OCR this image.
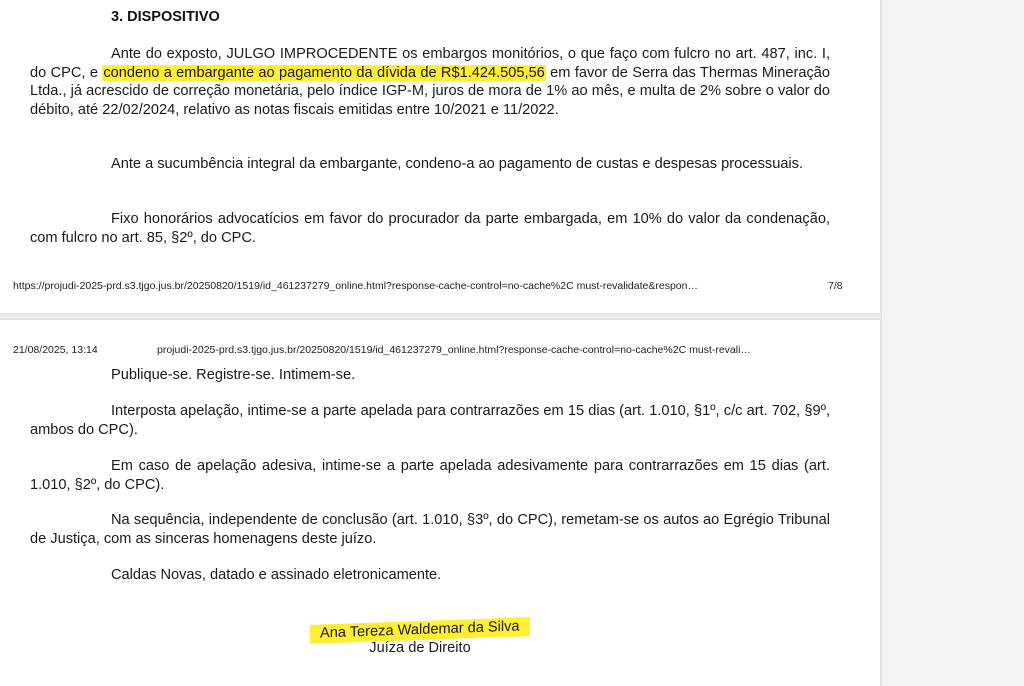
3. DISPOSITIVO

Ante do exposto, JULGO IMPROCEDENTE os embargos monitórios, o que faço com fulcro no art. 487, inc. I, do CPC, e condeno a embargante ao pagamento da dívida de R$1.424.505,56 em favor de Serra das Thermas Mineração Ltda., já acrescido de correção monetária, pelo índice IGP-M, juros de mora de 1% ao mês, e multa de 2% sobre o valor do débito, até 22/02/2024, relativo as notas fiscais emitidas entre 10/2021 e 11/2022.

Ante a sucumbência integral da embargante, condeno-a ao pagamento de custas e despesas processuais.

Fixo honorários advocatícios em favor do procurador da parte embargada, em 10% do valor da condenação, com fulcro no art. 85, §2º, do CPC.

https://projudi-2025-prd.s3.tjgo.jus.br/20250820/1519/id_461237279_online.html?response-cache-control=no-cache%2C must-revalidate&respon…	7/8
21/08/2025, 13:14	projudi-2025-prd.s3.tjgo.jus.br/20250820/1519/id_461237279_online.html?response-cache-control=no-cache%2C must-revali…

Publique-se. Registre-se. Intimem-se.

Interposta apelação, intime-se a parte apelada para contrarrazões em 15 dias (art. 1.010, §1º, c/c art. 702, §9º, ambos do CPC).

Em caso de apelação adesiva, intime-se a parte apelada adesivamente para contrarrazões em 15 dias (art. 1.010, §2º, do CPC).

Na sequência, independente de conclusão (art. 1.010, §3º, do CPC), remetam-se os autos ao Egrégio Tribunal de Justiça, com as sinceras homenagens deste juízo.

Caldas Novas, datado e assinado eletronicamente.

Ana Tereza Waldemar da Silva
Juíza de Direito
